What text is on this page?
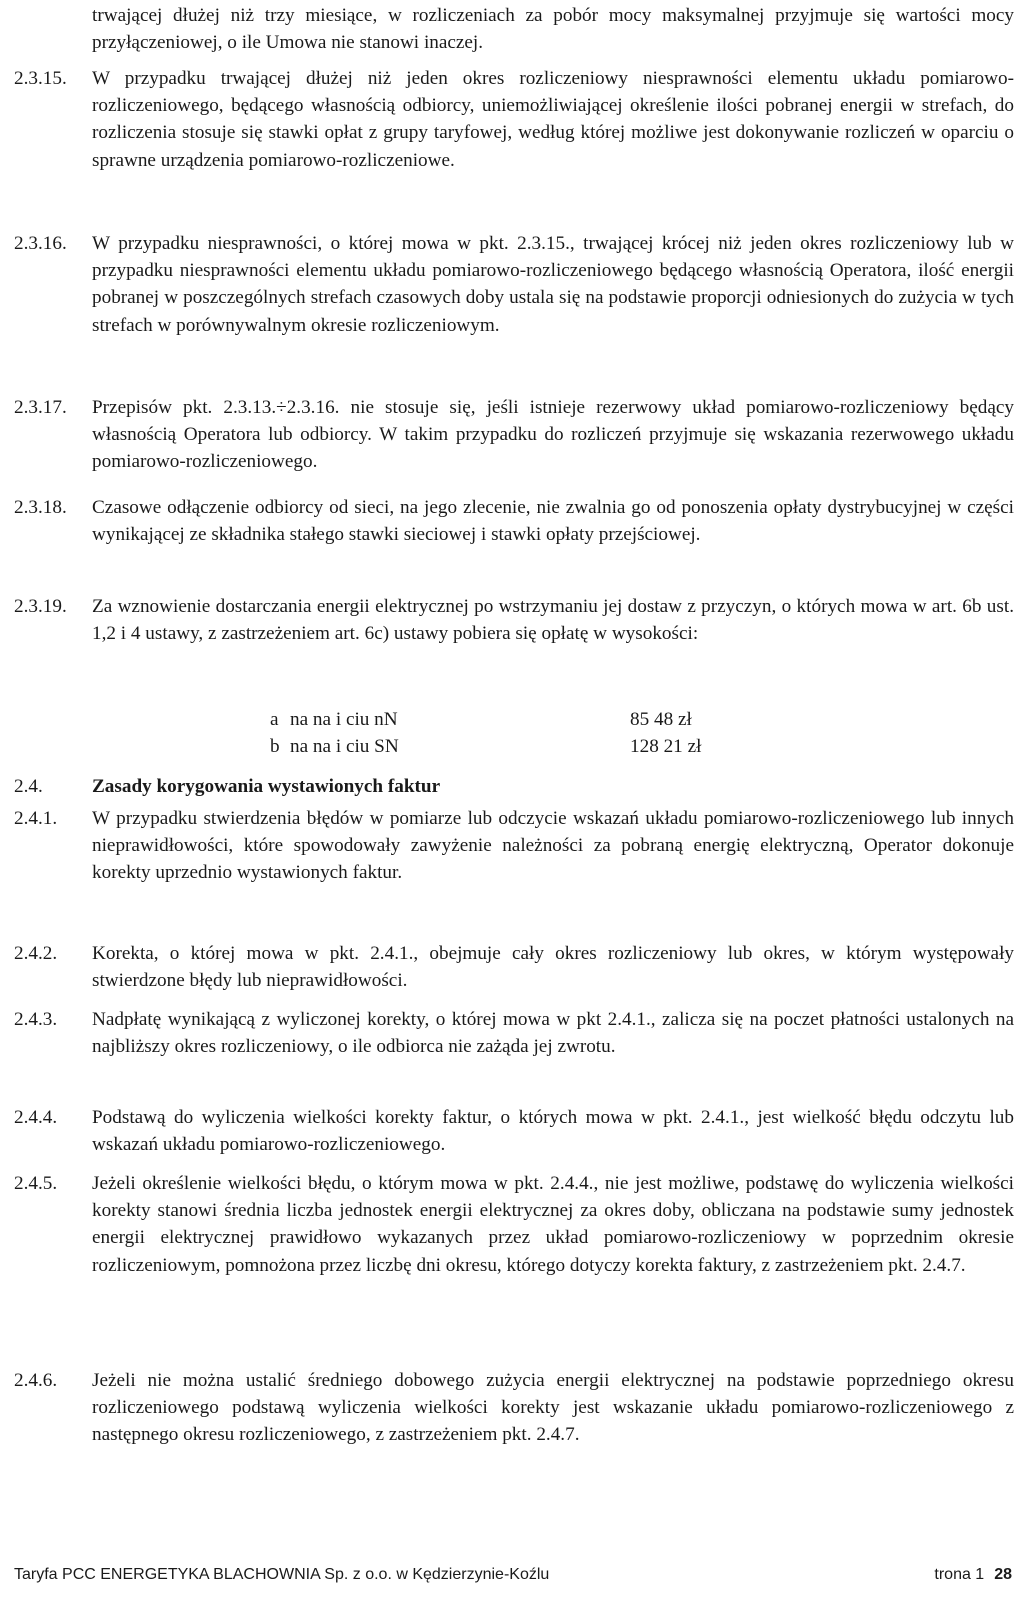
trwającej dłużej niż trzy miesiące, w rozliczeniach za pobór mocy maksymalnej przyjmuje się wartości mocy przyłączeniowej, o ile Umowa nie stanowi inaczej.

2.3.15.	W przypadku trwającej dłużej niż jeden okres rozliczeniowy niesprawności elementu układu pomiarowo-rozliczeniowego, będącego własnością odbiorcy, uniemożliwiającej określenie ilości pobranej energii w strefach, do rozliczenia stosuje się stawki opłat z grupy taryfowej, według której możliwe jest dokonywanie rozliczeń w oparciu o sprawne urządzenia pomiarowo-rozliczeniowe.

2.3.16.	W przypadku niesprawności, o której mowa w pkt. 2.3.15., trwającej krócej niż jeden okres rozliczeniowy lub w przypadku niesprawności elementu układu pomiarowo-rozliczeniowego będącego własnością Operatora, ilość energii pobranej w poszczególnych strefach czasowych doby ustala się na podstawie proporcji odniesionych do zużycia w tych strefach w porównywalnym okresie rozliczeniowym.

2.3.17.	Przepisów pkt. 2.3.13.÷2.3.16. nie stosuje się, jeśli istnieje rezerwowy układ pomiarowo-rozliczeniowy będący własnością Operatora lub odbiorcy. W takim przypadku do rozliczeń przyjmuje się wskazania rezerwowego układu pomiarowo-rozliczeniowego.

2.3.18.	Czasowe odłączenie odbiorcy od sieci, na jego zlecenie, nie zwalnia go od ponoszenia opłaty dystrybucyjnej w części wynikającej ze składnika stałego stawki sieciowej i stawki opłaty przejściowej.

2.3.19.	Za wznowienie dostarczania energii elektrycznej po wstrzymaniu jej dostaw z przyczyn, o których mowa w art. 6b ust. 1,2 i 4 ustawy, z zastrzeżeniem art. 6c) ustawy pobiera się opłatę w wysokości:

a	na na i ciu nN	85 48 zł
b	na na i ciu SN	128 21 zł
2.4.	Zasady korygowania wystawionych faktur

2.4.1.	W przypadku stwierdzenia błędów w pomiarze lub odczycie wskazań układu pomiarowo-rozliczeniowego lub innych nieprawidłowości, które spowodowały zawyżenie należności za pobraną energię elektryczną, Operator dokonuje korekty uprzednio wystawionych faktur.

2.4.2.	Korekta, o której mowa w pkt. 2.4.1., obejmuje cały okres rozliczeniowy lub okres, w którym występowały stwierdzone błędy lub nieprawidłowości.

2.4.3.	Nadpłatę wynikającą z wyliczonej korekty, o której mowa w pkt 2.4.1., zalicza się na poczet płatności ustalonych na najbliższy okres rozliczeniowy, o ile odbiorca nie zażąda jej zwrotu.

2.4.4.	Podstawą do wyliczenia wielkości korekty faktur, o których mowa w pkt. 2.4.1., jest wielkość błędu odczytu lub wskazań układu pomiarowo-rozliczeniowego.

2.4.5.	Jeżeli określenie wielkości błędu, o którym mowa w pkt. 2.4.4., nie jest możliwe, podstawę do wyliczenia wielkości korekty stanowi średnia liczba jednostek energii elektrycznej za okres doby, obliczana na podstawie sumy jednostek energii elektrycznej prawidłowo wykazanych przez układ pomiarowo-rozliczeniowy w poprzednim okresie rozliczeniowym, pomnożona przez liczbę dni okresu, którego dotyczy korekta faktury, z zastrzeżeniem pkt. 2.4.7.

2.4.6.	Jeżeli nie można ustalić średniego dobowego zużycia energii elektrycznej na podstawie poprzedniego okresu rozliczeniowego podstawą wyliczenia wielkości korekty jest wskazanie układu pomiarowo-rozliczeniowego z następnego okresu rozliczeniowego, z zastrzeżeniem pkt. 2.4.7.

Taryfa PCC ENERGETYKA BLACHOWNIA Sp. z o.o. w Kędzierzynie-Koźlu	trona 1 28
